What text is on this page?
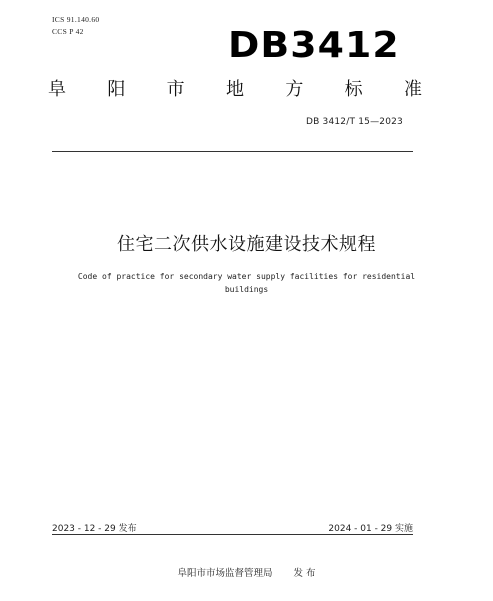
ICS 91.140.60
CCS P 42	DB3412
阜 阳 市 地 方 标 准
DB 3412/T 15—2023
住宅二次供水设施建设技术规程
Code of practice for secondary water supply facilities for residential
buildings
2023 - 12 - 29 发布	2024 - 01 - 29 实施
阜阳市市场监督管理局 发 布
